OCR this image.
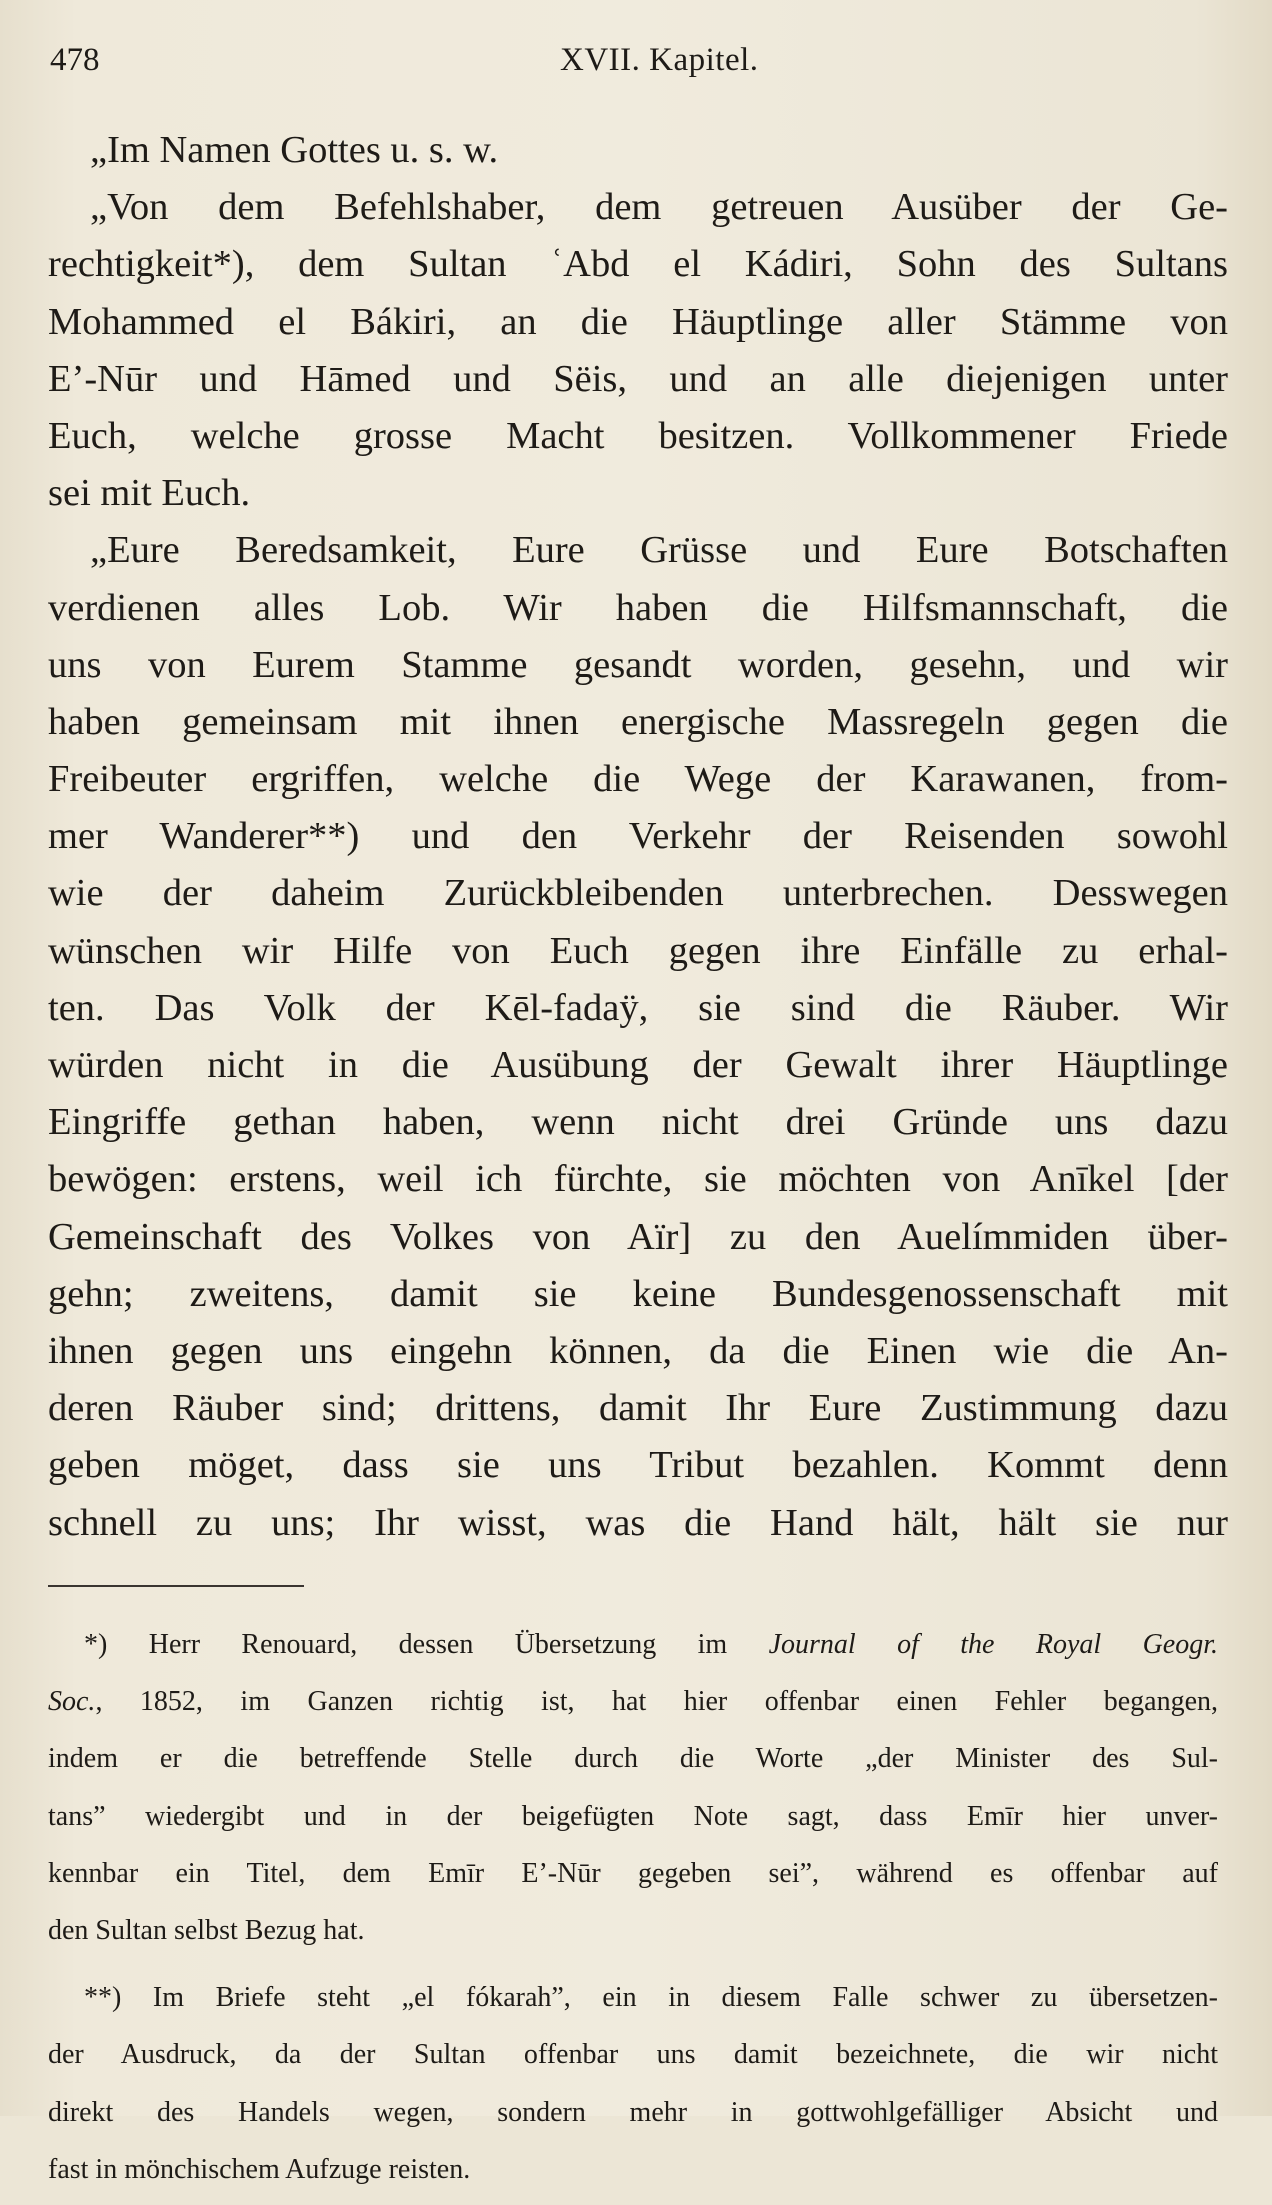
478	XVII. Kapitel.
„Im Namen Gottes u. s. w.
„Von dem Befehlshaber, dem getreuen Ausüber der Ge-
rechtigkeit*), dem Sultan ʿAbd el Kádiri, Sohn des Sultans
Mohammed el Bákiri, an die Häuptlinge aller Stämme von
E’-Nūr und Hāmed und Sëis, und an alle diejenigen unter
Euch, welche grosse Macht besitzen. Vollkommener Friede
sei mit Euch.
„Eure Beredsamkeit, Eure Grüsse und Eure Botschaften
verdienen alles Lob. Wir haben die Hilfsmannschaft, die
uns von Eurem Stamme gesandt worden, gesehn, und wir
haben gemeinsam mit ihnen energische Massregeln gegen die
Freibeuter ergriffen, welche die Wege der Karawanen, from-
mer Wanderer**) und den Verkehr der Reisenden sowohl
wie der daheim Zurückbleibenden unterbrechen. Desswegen
wünschen wir Hilfe von Euch gegen ihre Einfälle zu erhal-
ten. Das Volk der Kēl-fadaÿ, sie sind die Räuber. Wir
würden nicht in die Ausübung der Gewalt ihrer Häuptlinge
Eingriffe gethan haben, wenn nicht drei Gründe uns dazu
bewögen: erstens, weil ich fürchte, sie möchten von Anīkel [der
Gemeinschaft des Volkes von Aïr] zu den Auelímmiden über-
gehn; zweitens, damit sie keine Bundesgenossenschaft mit
ihnen gegen uns eingehn können, da die Einen wie die An-
deren Räuber sind; drittens, damit Ihr Eure Zustimmung dazu
geben möget, dass sie uns Tribut bezahlen. Kommt denn
schnell zu uns; Ihr wisst, was die Hand hält, hält sie nur
*) Herr Renouard, dessen Übersetzung im Journal of the Royal Geogr.
Soc., 1852, im Ganzen richtig ist, hat hier offenbar einen Fehler begangen,
indem er die betreffende Stelle durch die Worte „der Minister des Sul-
tans” wiedergibt und in der beigefügten Note sagt, dass Emīr hier unver-
kennbar ein Titel, dem Emīr E’-Nūr gegeben sei”, während es offenbar auf
den Sultan selbst Bezug hat.
**) Im Briefe steht „el fókarah”, ein in diesem Falle schwer zu übersetzen-
der Ausdruck, da der Sultan offenbar uns damit bezeichnete, die wir nicht
direkt des Handels wegen, sondern mehr in gottwohlgefälliger Absicht und
fast in mönchischem Aufzuge reisten.
